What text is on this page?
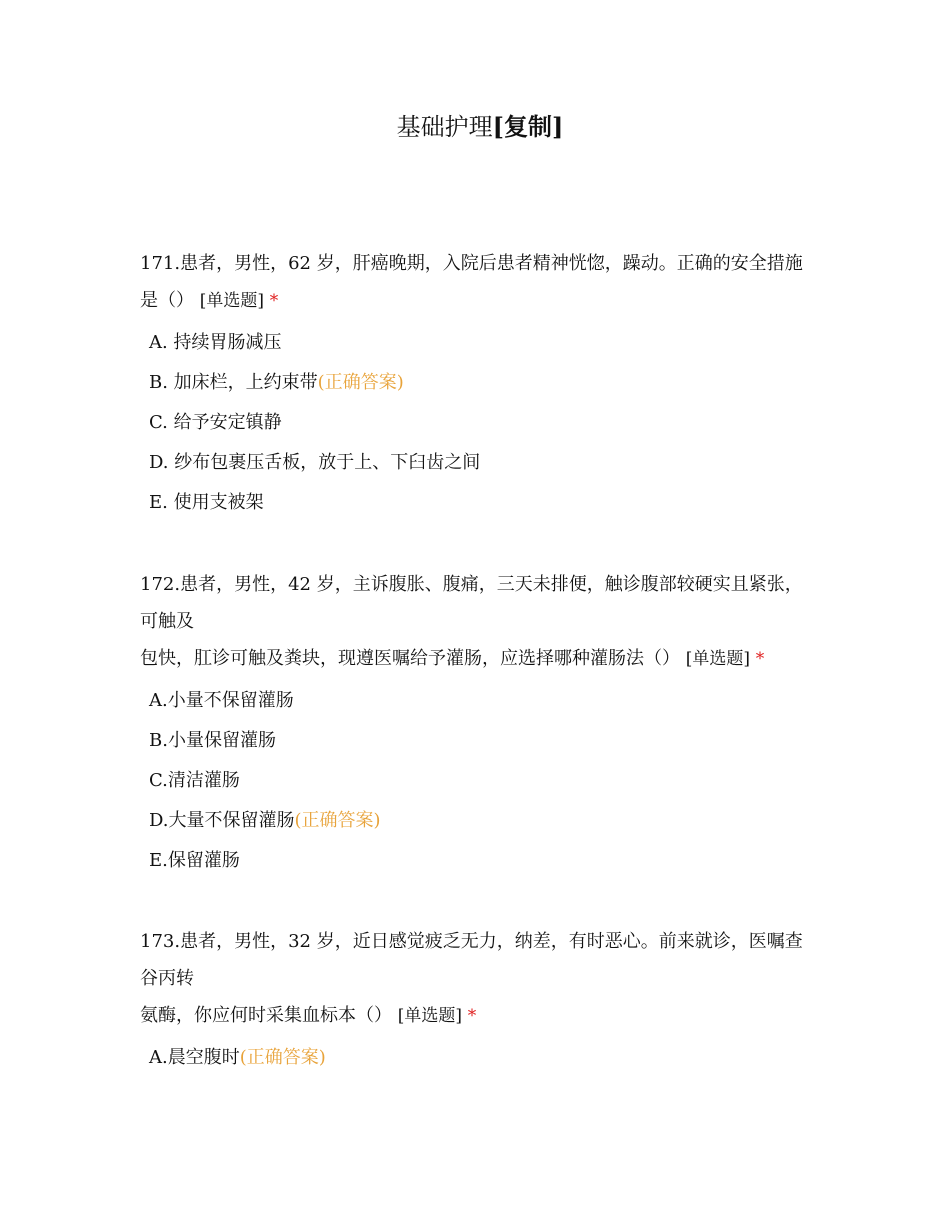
基础护理[复制]
171.患者，男性，62 岁，肝癌晚期，入院后患者精神恍惚，躁动。正确的安全措施
是（） [单选题] *
A. 持续胃肠减压
B. 加床栏，上约束带(正确答案)
C. 给予安定镇静
D. 纱布包裹压舌板，放于上、下臼齿之间
E. 使用支被架
172.患者，男性，42 岁，主诉腹胀、腹痛，三天未排便，触诊腹部较硬实且紧张，
可触及
包快，肛诊可触及粪块，现遵医嘱给予灌肠，应选择哪种灌肠法（） [单选题] *
A.小量不保留灌肠
B.小量保留灌肠
C.清洁灌肠
D.大量不保留灌肠(正确答案)
E.保留灌肠
173.患者，男性，32 岁，近日感觉疲乏无力，纳差，有时恶心。前来就诊，医嘱查
谷丙转
氨酶，你应何时采集血标本（） [单选题] *
A.晨空腹时(正确答案)
